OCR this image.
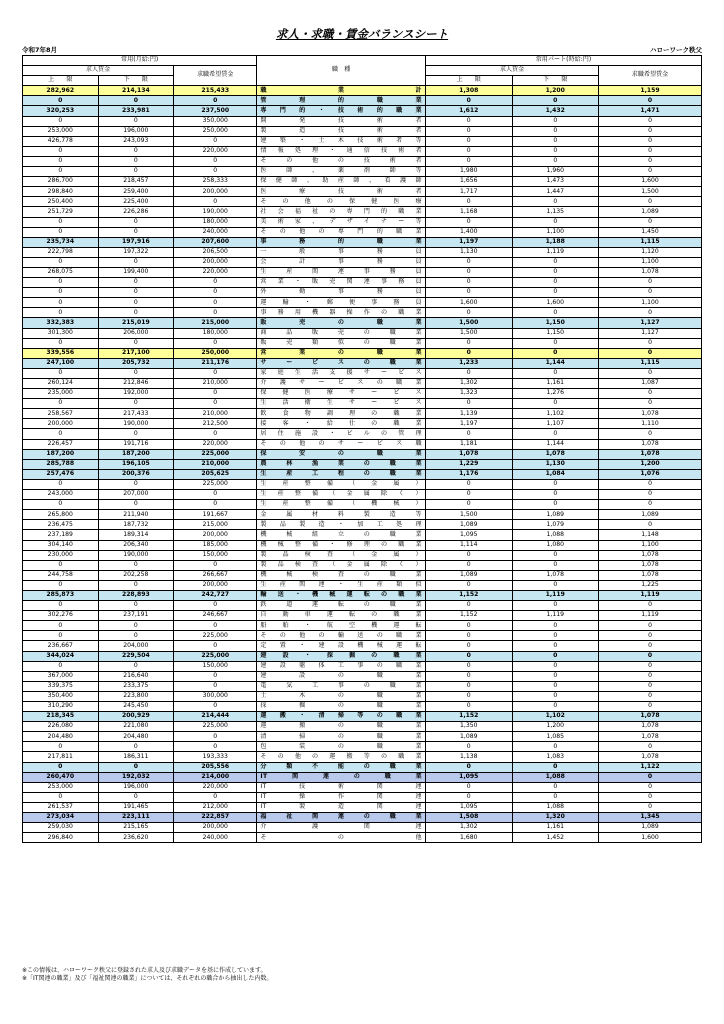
求人・求職・賃金バランスシート
令和7年8月	ハローワーク秩父
常用(月給:円)			職　種	常用パート(時給:円)		
求人賃金		求職希望賃金		求人賃金		求職希望賃金
上　　限	下　　限			上　　限	下　　限	
282,962	214,134	215,433	職業計	1,308	1,200	1,159
0	0	0	管理的職業	0	0	0
320,253	233,981	237,500	専門的・技術的職業	1,612	1,432	1,471
0	0	350,000	開発技術者	0	0	0
253,000	196,000	250,000	製造技術者	0	0	0
426,778	243,093	0	建築・土木技術者等	0	0	0
0	0	220,000	情報処理・通信技術者	0	0	0
0	0	0	その他の技術者	0	0	0
0	0	0	医師、薬剤師等	1,980	1,960	0
286,700	218,457	258,333	保健師、助産師、看護師	1,656	1,473	1,600
298,840	259,400	200,000	医療技術者	1,717	1,447	1,500
250,400	225,400	0	その他の保健医療	0	0	0
251,729	226,286	190,000	社会福祉の専門的職業	1,168	1,135	1,089
0	0	180,000	美術家、デザイナー等	0	0	0
0	0	240,000	その他の専門的職業	1,400	1,100	1,450
235,734	197,916	207,600	事務的職業	1,197	1,188	1,115
222,798	197,322	206,500	一般事務員	1,130	1,119	1,120
0	0	200,000	会計事務員	0	0	1,100
268,075	199,400	220,000	生産関連事務員	0	0	1,078
0	0	0	営業・販売関連事務員	0	0	0
0	0	0	外勤事務員	0	0	0
0	0	0	運輸・郵便事務員	1,600	1,600	1,100
0	0	0	事務用機器操作の職業	0	0	0
332,383	215,019	215,000	販売の職業	1,500	1,150	1,127
301,300	206,000	180,000	商品販売の職業	1,500	1,150	1,127
0	0	0	販売類似の職業	0	0	0
339,556	217,100	250,000	営業の職業	0	0	0
247,100	205,732	211,176	サービスの職業	1,233	1,144	1,115
0	0	0	家庭生活支援サービス	0	0	0
260,124	212,846	210,000	介護サービスの職業	1,302	1,161	1,087
235,000	192,000	0	保健医療サービス	1,323	1,276	0
0	0	0	生活衛生サービス	0	0	0
258,567	217,433	210,000	飲食物調理の職業	1,139	1,102	1,078
200,000	190,000	212,500	接客・給仕の職業	1,197	1,107	1,110
0	0	0	居住施設・ビルの管理	0	0	0
226,457	191,716	220,000	その他のサービス職	1,181	1,144	1,078
187,200	187,200	225,000	保安の職業	1,078	1,078	1,078
285,788	196,105	210,000	農林漁業の職業	1,229	1,130	1,200
257,476	200,376	205,625	生産工程の職業	1,176	1,084	1,076
0	0	225,000	生産整備（金属）	0	0	0
243,000	207,000	0	生産整備（金属除く）	0	0	0
0	0	0	生産整備（機械）	0	0	0
265,800	211,940	191,667	金属材料製造等	1,500	1,089	1,089
236,475	187,732	215,000	製品製造・加工処理	1,089	1,079	0
237,189	189,314	200,000	機械組立の職業	1,095	1,088	1,148
304,140	206,340	185,000	機械整備・修理の職業	1,114	1,080	1,100
230,000	190,000	150,000	製品検査（金属）	0	0	1,078
0	0	0	製品検査（金属除く）	0	0	1,078
244,758	202,258	266,667	機械検査の職業	1,089	1,078	1,078
0	0	200,000	生産関連・生産類似	0	0	1,225
285,873	228,893	242,727	輸送・機械運転の職業	1,152	1,119	1,119
0	0	0	鉄道運転の職業	0	0	0
302,276	237,191	246,667	自動車運転の職業	1,152	1,119	1,119
0	0	0	船舶・航空機運転	0	0	0
0	0	225,000	その他の輸送の職業	0	0	0
236,667	204,000	0	定置・建設機械運転	0	0	0
344,024	229,504	225,000	建設・採掘の職業	0	0	0
0	0	150,000	建設躯体工事の職業	0	0	0
367,000	216,640	0	建設の職業	0	0	0
339,375	233,375	0	電気工事の職業	0	0	0
350,400	223,800	300,000	土木の職業	0	0	0
310,290	245,450	0	採掘の職業	0	0	0
218,345	200,929	214,444	運搬・清掃等の職業	1,152	1,102	1,078
226,080	221,080	225,000	運搬の職業	1,350	1,200	1,078
204,480	204,480	0	清掃の職業	1,089	1,085	1,078
0	0	0	包装の職業	0	0	0
217,811	186,311	193,333	その他の運搬等の職業	1,138	1,083	1,078
0	0	205,556	分類不能の職業	0	0	1,122
260,470	192,032	214,000	IT関連の職業	1,095	1,088	0
253,000	196,000	220,000	IT技術関連	0	0	0
0	0	0	IT操作関連	0	0	0
261,537	191,465	212,000	IT製造関連	1,095	1,088	0
273,034	223,111	222,857	福祉関連の職業	1,508	1,320	1,345
259,030	215,165	200,000	介護関連	1,302	1,161	1,089
296,840	236,620	240,000	その他	1,680	1,452	1,600
※この情報は、ハローワーク秩父に登録された求人及び求職データを基に作成しています。
※「IT関連の職業」及び「福祉関連の職業」については、それぞれの職合から抽出した内数。
